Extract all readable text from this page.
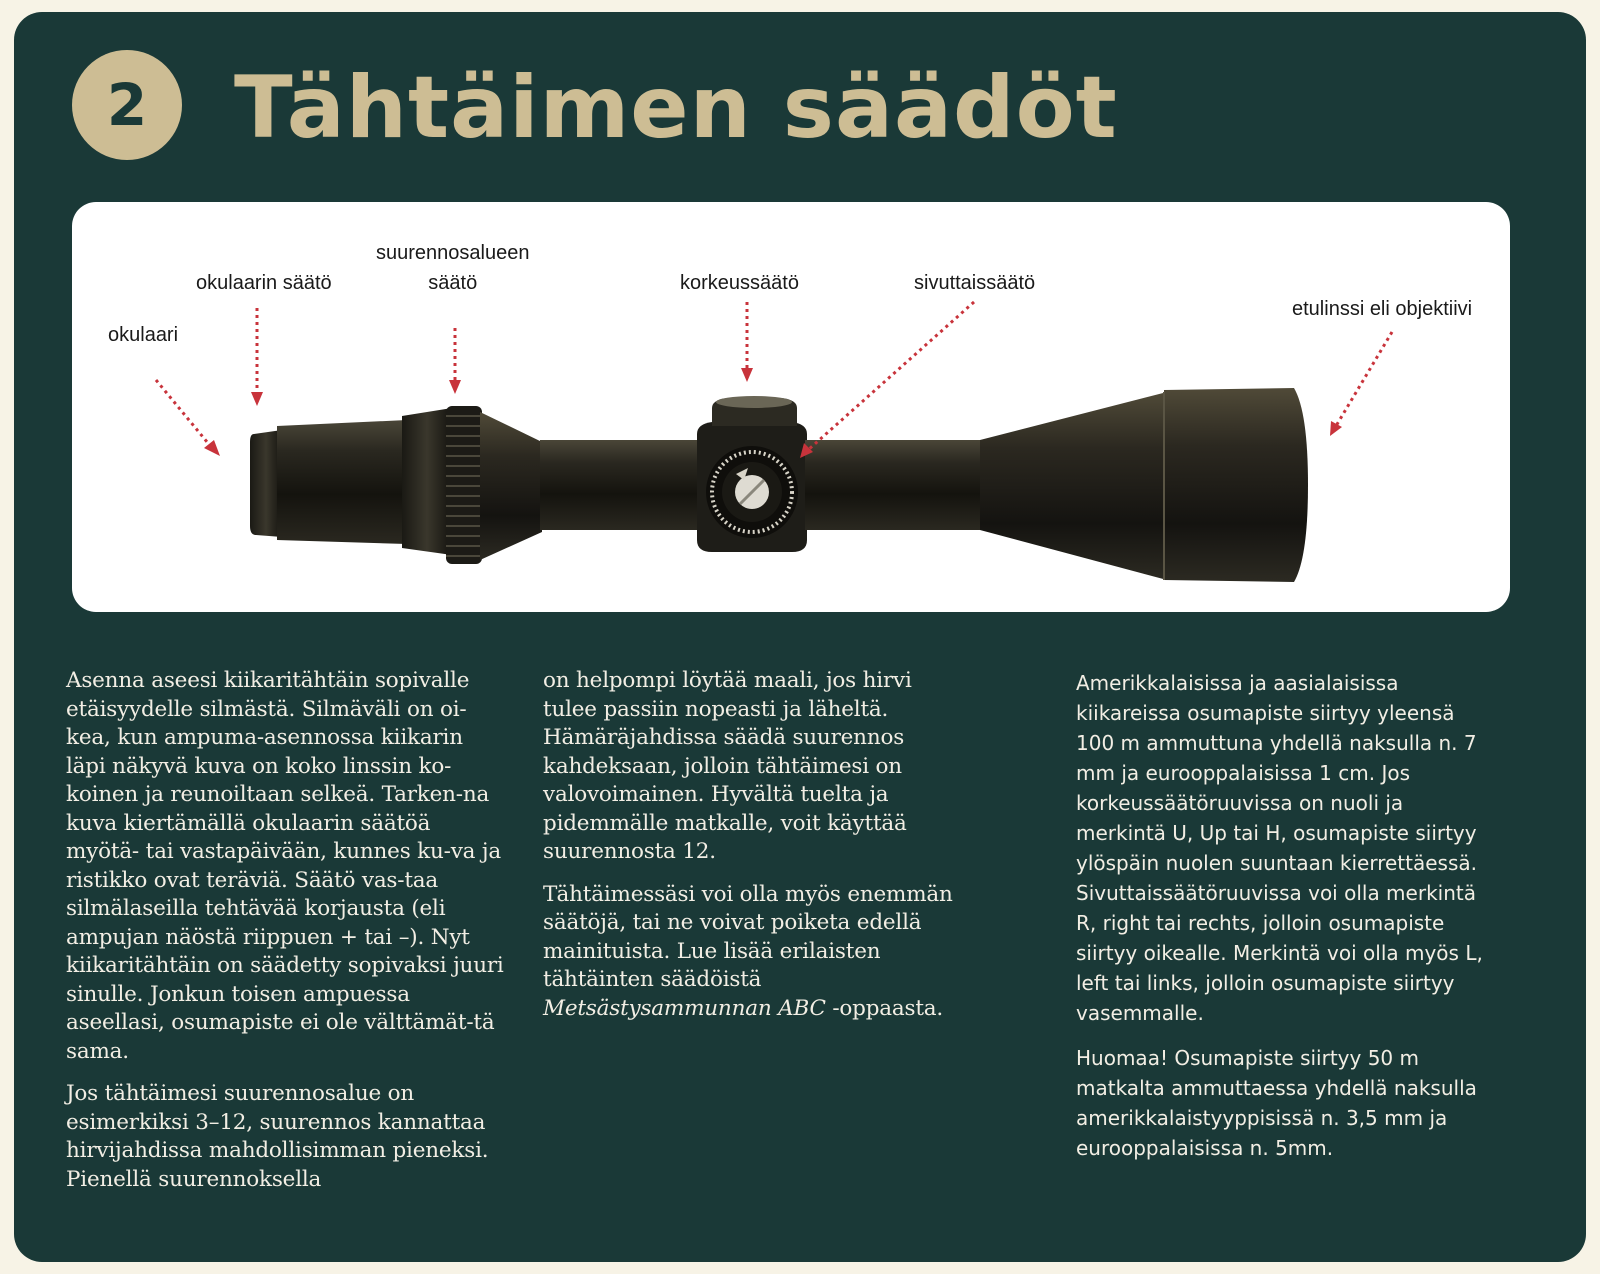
2 Tähtäimen säädöt
okulaari
okulaarin säätö
suurennosalueen
säätö	korkeussäätö	sivuttaissäätö
etulinssi eli objektiivi

Asenna aseesi kiikaritähtäin sopivalle etäisyydelle silmästä. Silmäväli on oi-kea, kun ampuma-asennossa kiikarin läpi näkyvä kuva on koko linssin ko-koinen ja reunoiltaan selkeä. Tarken-na kuva kiertämällä okulaarin säätöä myötä- tai vastapäivään, kunnes ku-va ja ristikko ovat teräviä. Säätö vas-taa silmälaseilla tehtävää korjausta (eli ampujan näöstä riippuen + tai –). Nyt kiikaritähtäin on säädetty sopivaksi juuri sinulle. Jonkun toisen ampuessa aseellasi, osumapiste ei ole välttämät-tä sama.

Jos tähtäimesi suurennosalue on esimerkiksi 3–12, suurennos kannattaa hirvijahdissa mahdollisimman pieneksi. Pienellä suurennoksella

on helpompi löytää maali, jos hirvi tulee passiin nopeasti ja läheltä. Hämäräjahdissa säädä suurennos kahdeksaan, jolloin tähtäimesi on valovoimainen. Hyvältä tuelta ja pidemmälle matkalle, voit käyttää suurennosta 12.

Tähtäimessäsi voi olla myös enemmän säätöjä, tai ne voivat poiketa edellä mainituista. Lue lisää erilaisten tähtäinten säädöistä Metsästysammunnan ABC -oppaasta.

Amerikkalaisissa ja aasialaisissa kiikareissa osumapiste siirtyy yleensä 100 m ammuttuna yhdellä naksulla n. 7 mm ja eurooppalaisissa 1 cm. Jos korkeussäätöruuvissa on nuoli ja merkintä U, Up tai H, osumapiste siirtyy ylöspäin nuolen suuntaan kierrettäessä. Sivuttaissäätöruuvissa voi olla merkintä R, right tai rechts, jolloin osumapiste siirtyy oikealle. Merkintä voi olla myös L, left tai links, jolloin osumapiste siirtyy vasemmalle.

Huomaa! Osumapiste siirtyy 50 m matkalta ammuttaessa yhdellä naksulla amerikkalaistyyppisissä n. 3,5 mm ja eurooppalaisissa n. 5mm.
